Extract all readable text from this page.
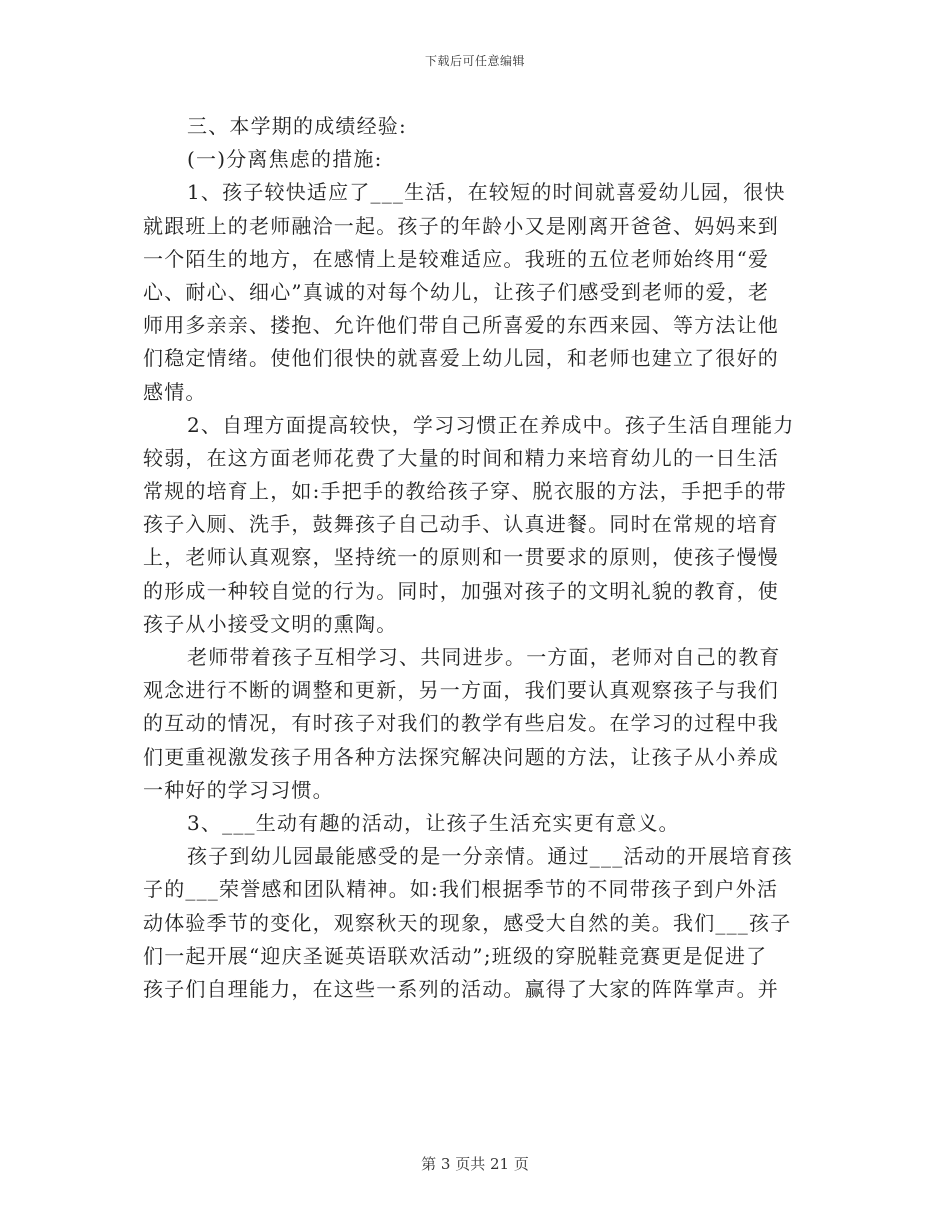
下载后可任意编辑
三、本学期的成绩经验:
(一)分离焦虑的措施:
1、孩子较快适应了___生活，在较短的时间就喜爱幼儿园，很快
就跟班上的老师融洽一起。孩子的年龄小又是刚离开爸爸、妈妈来到
一个陌生的地方，在感情上是较难适应。我班的五位老师始终用“爱
心、耐心、细心”真诚的对每个幼儿，让孩子们感受到老师的爱，老
师用多亲亲、搂抱、允许他们带自己所喜爱的东西来园、等方法让他
们稳定情绪。使他们很快的就喜爱上幼儿园，和老师也建立了很好的
感情。
2、自理方面提高较快，学习习惯正在养成中。孩子生活自理能力
较弱，在这方面老师花费了大量的时间和精力来培育幼儿的一日生活
常规的培育上，如:手把手的教给孩子穿、脱衣服的方法，手把手的带
孩子入厕、洗手，鼓舞孩子自己动手、认真进餐。同时在常规的培育
上，老师认真观察，坚持统一的原则和一贯要求的原则，使孩子慢慢
的形成一种较自觉的行为。同时，加强对孩子的文明礼貌的教育，使
孩子从小接受文明的熏陶。
老师带着孩子互相学习、共同进步。一方面，老师对自己的教育
观念进行不断的调整和更新，另一方面，我们要认真观察孩子与我们
的互动的情况，有时孩子对我们的教学有些启发。在学习的过程中我
们更重视激发孩子用各种方法探究解决问题的方法，让孩子从小养成
一种好的学习习惯。
3、___生动有趣的活动，让孩子生活充实更有意义。
孩子到幼儿园最能感受的是一分亲情。通过___活动的开展培育孩
子的___荣誉感和团队精神。如:我们根据季节的不同带孩子到户外活
动体验季节的变化，观察秋天的现象，感受大自然的美。我们___孩子
们一起开展“迎庆圣诞英语联欢活动”;班级的穿脱鞋竞赛更是促进了
孩子们自理能力，在这些一系列的活动。赢得了大家的阵阵掌声。并
第 3 页共 21 页
